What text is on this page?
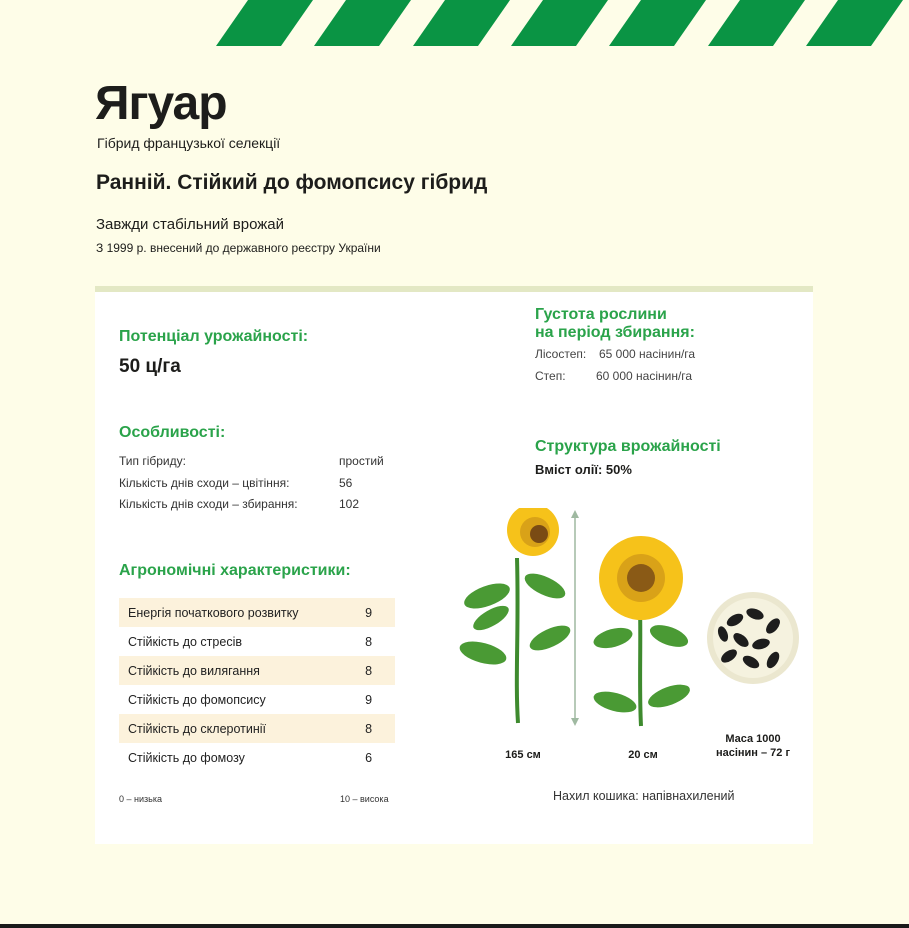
Ягуар
Гібрид французької селекції
Ранній. Стійкий до фомопсису гібрид
Завжди стабільний врожай
З 1999 р. внесений до державного реєстру України
Потенціал урожайності:
50 ц/га
Особливості:
Тип гібриду:	простий
Кількість днів сходи – цвітіння:	56
Кількість днів сходи – збирання:	102
Агрономічні характеристики:
Енергія початкового розвитку	9
Стійкість до стресів	8
Стійкість до вилягання	8
Стійкість до фомопсису	9
Стійкість до склеротинії	8
Стійкість до фомозу	6
0 – низька	10 – висока
Густота рослини
на період збирання:
Лісостеп: 65 000 насінин/га
Степ:	60 000 насінин/га
Структура врожайності
Вміст олії: 50%
165 см	20 см
Маса 1000
насінин – 72 г
Нахил кошика: напівнахилений
